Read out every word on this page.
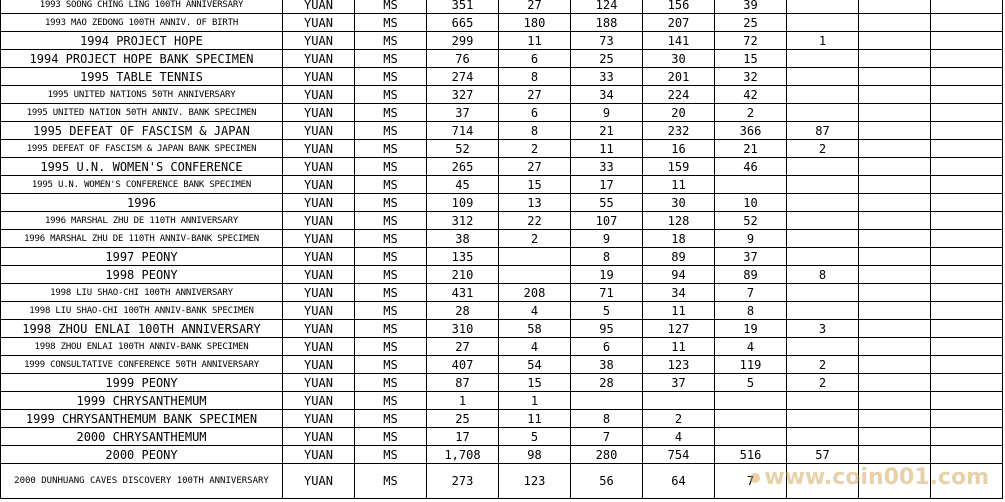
1993 SOONG CHING LING 100TH ANNIVERSARY	YUAN	MS	351	27	124	156	39			
1993 MAO ZEDONG 100TH ANNIV. OF BIRTH	YUAN	MS	665	180	188	207	25			
1994 PROJECT HOPE	YUAN	MS	299	11	73	141	72	1		
1994 PROJECT HOPE BANK SPECIMEN	YUAN	MS	76	6	25	30	15			
1995 TABLE TENNIS	YUAN	MS	274	8	33	201	32			
1995 UNITED NATIONS 50TH ANNIVERSARY	YUAN	MS	327	27	34	224	42			
1995 UNITED NATION 50TH ANNIV. BANK SPECIMEN	YUAN	MS	37	6	9	20	2			
1995 DEFEAT OF FASCISM & JAPAN	YUAN	MS	714	8	21	232	366	87		
1995 DEFEAT OF FASCISM & JAPAN BANK SPECIMEN	YUAN	MS	52	2	11	16	21	2		
1995 U.N. WOMEN'S CONFERENCE	YUAN	MS	265	27	33	159	46			
1995 U.N. WOMEN'S CONFERENCE BANK SPECIMEN	YUAN	MS	45	15	17	11				
1996	YUAN	MS	109	13	55	30	10			
1996 MARSHAL ZHU DE 110TH ANNIVERSARY	YUAN	MS	312	22	107	128	52			
1996 MARSHAL ZHU DE 110TH ANNIV-BANK SPECIMEN	YUAN	MS	38	2	9	18	9			
1997 PEONY	YUAN	MS	135		8	89	37			
1998 PEONY	YUAN	MS	210		19	94	89	8		
1998 LIU SHAO-CHI 100TH ANNIVERSARY	YUAN	MS	431	208	71	34	7			
1998 LIU SHAO-CHI 100TH ANNIV-BANK SPECIMEN	YUAN	MS	28	4	5	11	8			
1998 ZHOU ENLAI 100TH ANNIVERSARY	YUAN	MS	310	58	95	127	19	3		
1998 ZHOU ENLAI 100TH ANNIV-BANK SPECIMEN	YUAN	MS	27	4	6	11	4			
1999 CONSULTATIVE CONFERENCE 50TH ANNIVERSARY	YUAN	MS	407	54	38	123	119	2		
1999 PEONY	YUAN	MS	87	15	28	37	5	2		
1999 CHRYSANTHEMUM	YUAN	MS	1	1						
1999 CHRYSANTHEMUM BANK SPECIMEN	YUAN	MS	25	11	8	2				
2000 CHRYSANTHEMUM	YUAN	MS	17	5	7	4				
2000 PEONY	YUAN	MS	1,708	98	280	754	516	57		
2000 DUNHUANG CAVES DISCOVERY 100TH ANNIVERSARY	YUAN	MS	273	123	56	64	7			www.coin001.com
